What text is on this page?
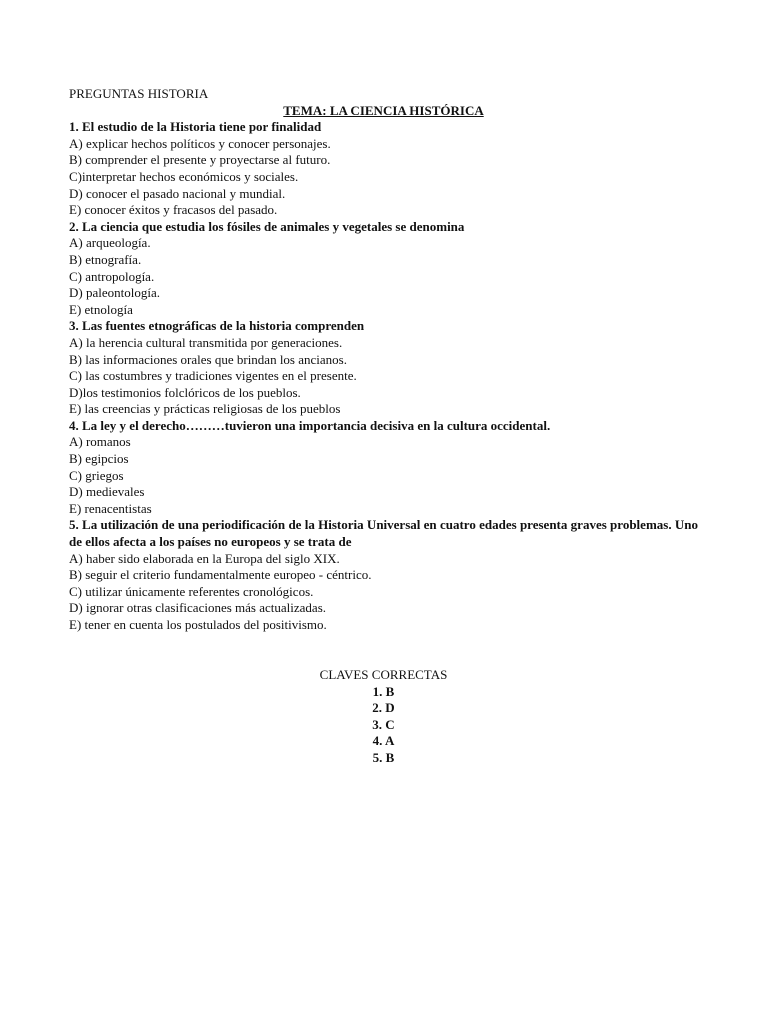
PREGUNTAS HISTORIA
TEMA: LA CIENCIA HISTÓRICA
1. El estudio de la Historia tiene por finalidad
A) explicar hechos políticos y conocer personajes.
B) comprender el presente y proyectarse al futuro.
C)interpretar hechos económicos y sociales.
D) conocer el pasado nacional y mundial.
E) conocer éxitos y fracasos del pasado.
2. La ciencia que estudia los fósiles de animales y vegetales se denomina
A) arqueología.
B) etnografía.
C) antropología.
D) paleontología.
E) etnología
3. Las fuentes etnográficas de la historia comprenden
A) la herencia cultural transmitida por generaciones.
B) las informaciones orales que brindan los ancianos.
C) las costumbres y tradiciones vigentes en el presente.
D)los testimonios folclóricos de los pueblos.
E) las creencias y prácticas religiosas de los pueblos
4. La ley y el derecho………tuvieron una importancia decisiva en la cultura occidental.
A) romanos
B) egipcios
C) griegos
D) medievales
E) renacentistas
5. La utilización de una periodificación de la Historia Universal en cuatro edades presenta graves problemas. Uno de ellos afecta a los países no europeos y se trata de
A) haber sido elaborada en la Europa del siglo XIX.
B) seguir el criterio fundamentalmente europeo - céntrico.
C) utilizar únicamente referentes cronológicos.
D) ignorar otras clasificaciones más actualizadas.
E) tener en cuenta los postulados del positivismo.
CLAVES CORRECTAS
1. B
2. D
3. C
4. A
5. B
